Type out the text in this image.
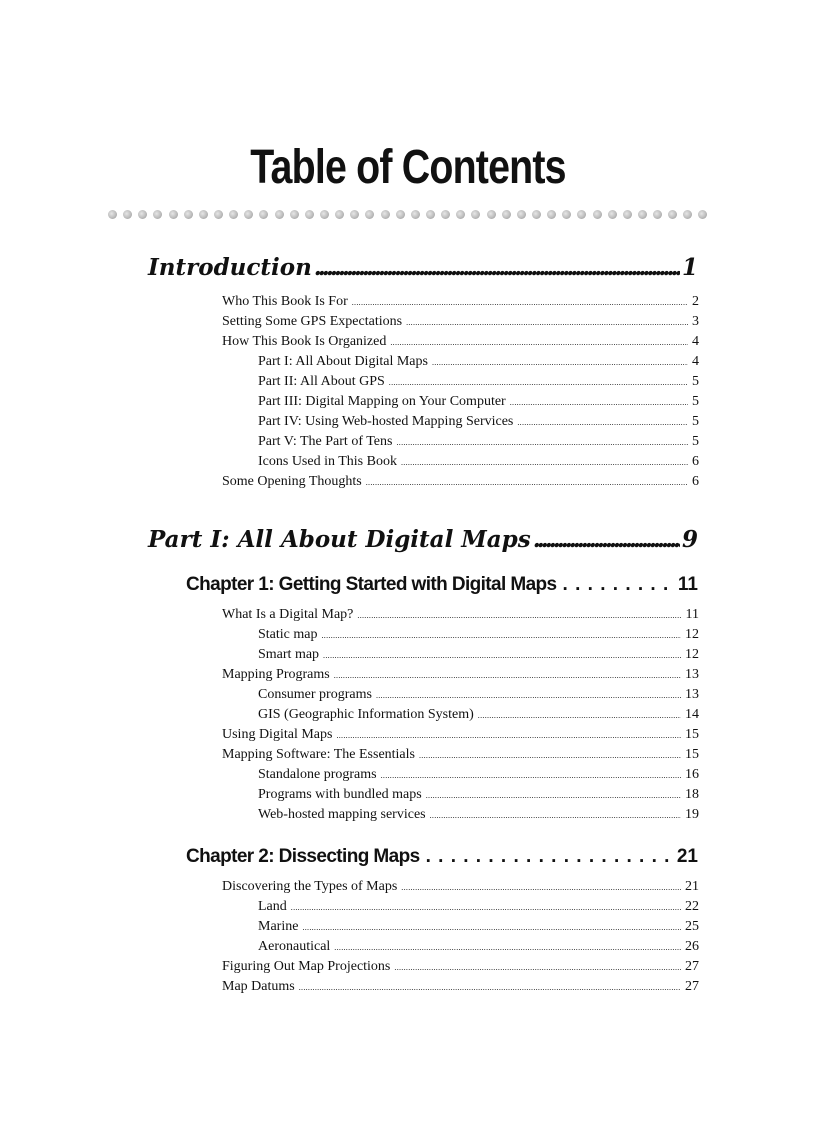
Table of Contents
Introduction .....	1
Who This Book Is For .....	2
Setting Some GPS Expectations .....	3
How This Book Is Organized .....	4
Part I: All About Digital Maps .....	4
Part II: All About GPS .....	5
Part III: Digital Mapping on Your Computer .....	5
Part IV: Using Web-hosted Mapping Services .....	5
Part V: The Part of Tens .....	5
Icons Used in This Book .....	6
Some Opening Thoughts .....	6
Part I: All About Digital Maps .....	9
Chapter 1: Getting Started with Digital Maps . . .	11
What Is a Digital Map? .....	11
Static map .....	12
Smart map .....	12
Mapping Programs .....	13
Consumer programs .....	13
GIS (Geographic Information System) .....	14
Using Digital Maps .....	15
Mapping Software: The Essentials .....	15
Standalone programs .....	16
Programs with bundled maps .....	18
Web-hosted mapping services .....	19
Chapter 2: Dissecting Maps . . .	21
Discovering the Types of Maps .....	21
Land .....	22
Marine .....	25
Aeronautical .....	26
Figuring Out Map Projections .....	27
Map Datums .....	27
